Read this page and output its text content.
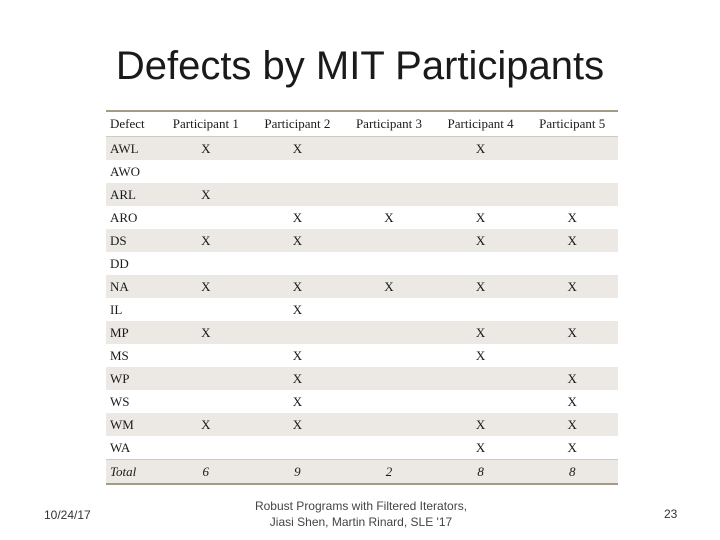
Defects by MIT Participants
Defect	Participant 1	Participant 2	Participant 3	Participant 4	Participant 5
AWL	X	X		X	
AWO					
ARL	X				
ARO		X	X	X	X
DS	X	X		X	X
DD					
NA	X	X	X	X	X
IL		X			
MP	X			X	X
MS		X		X	
WP		X			X
WS		X			X
WM	X	X		X	X
WA				X	X
Total	6	9	2	8	8
10/24/17
Robust Programs with Filtered Iterators,
Jiasi Shen, Martin Rinard, SLE '17
23
